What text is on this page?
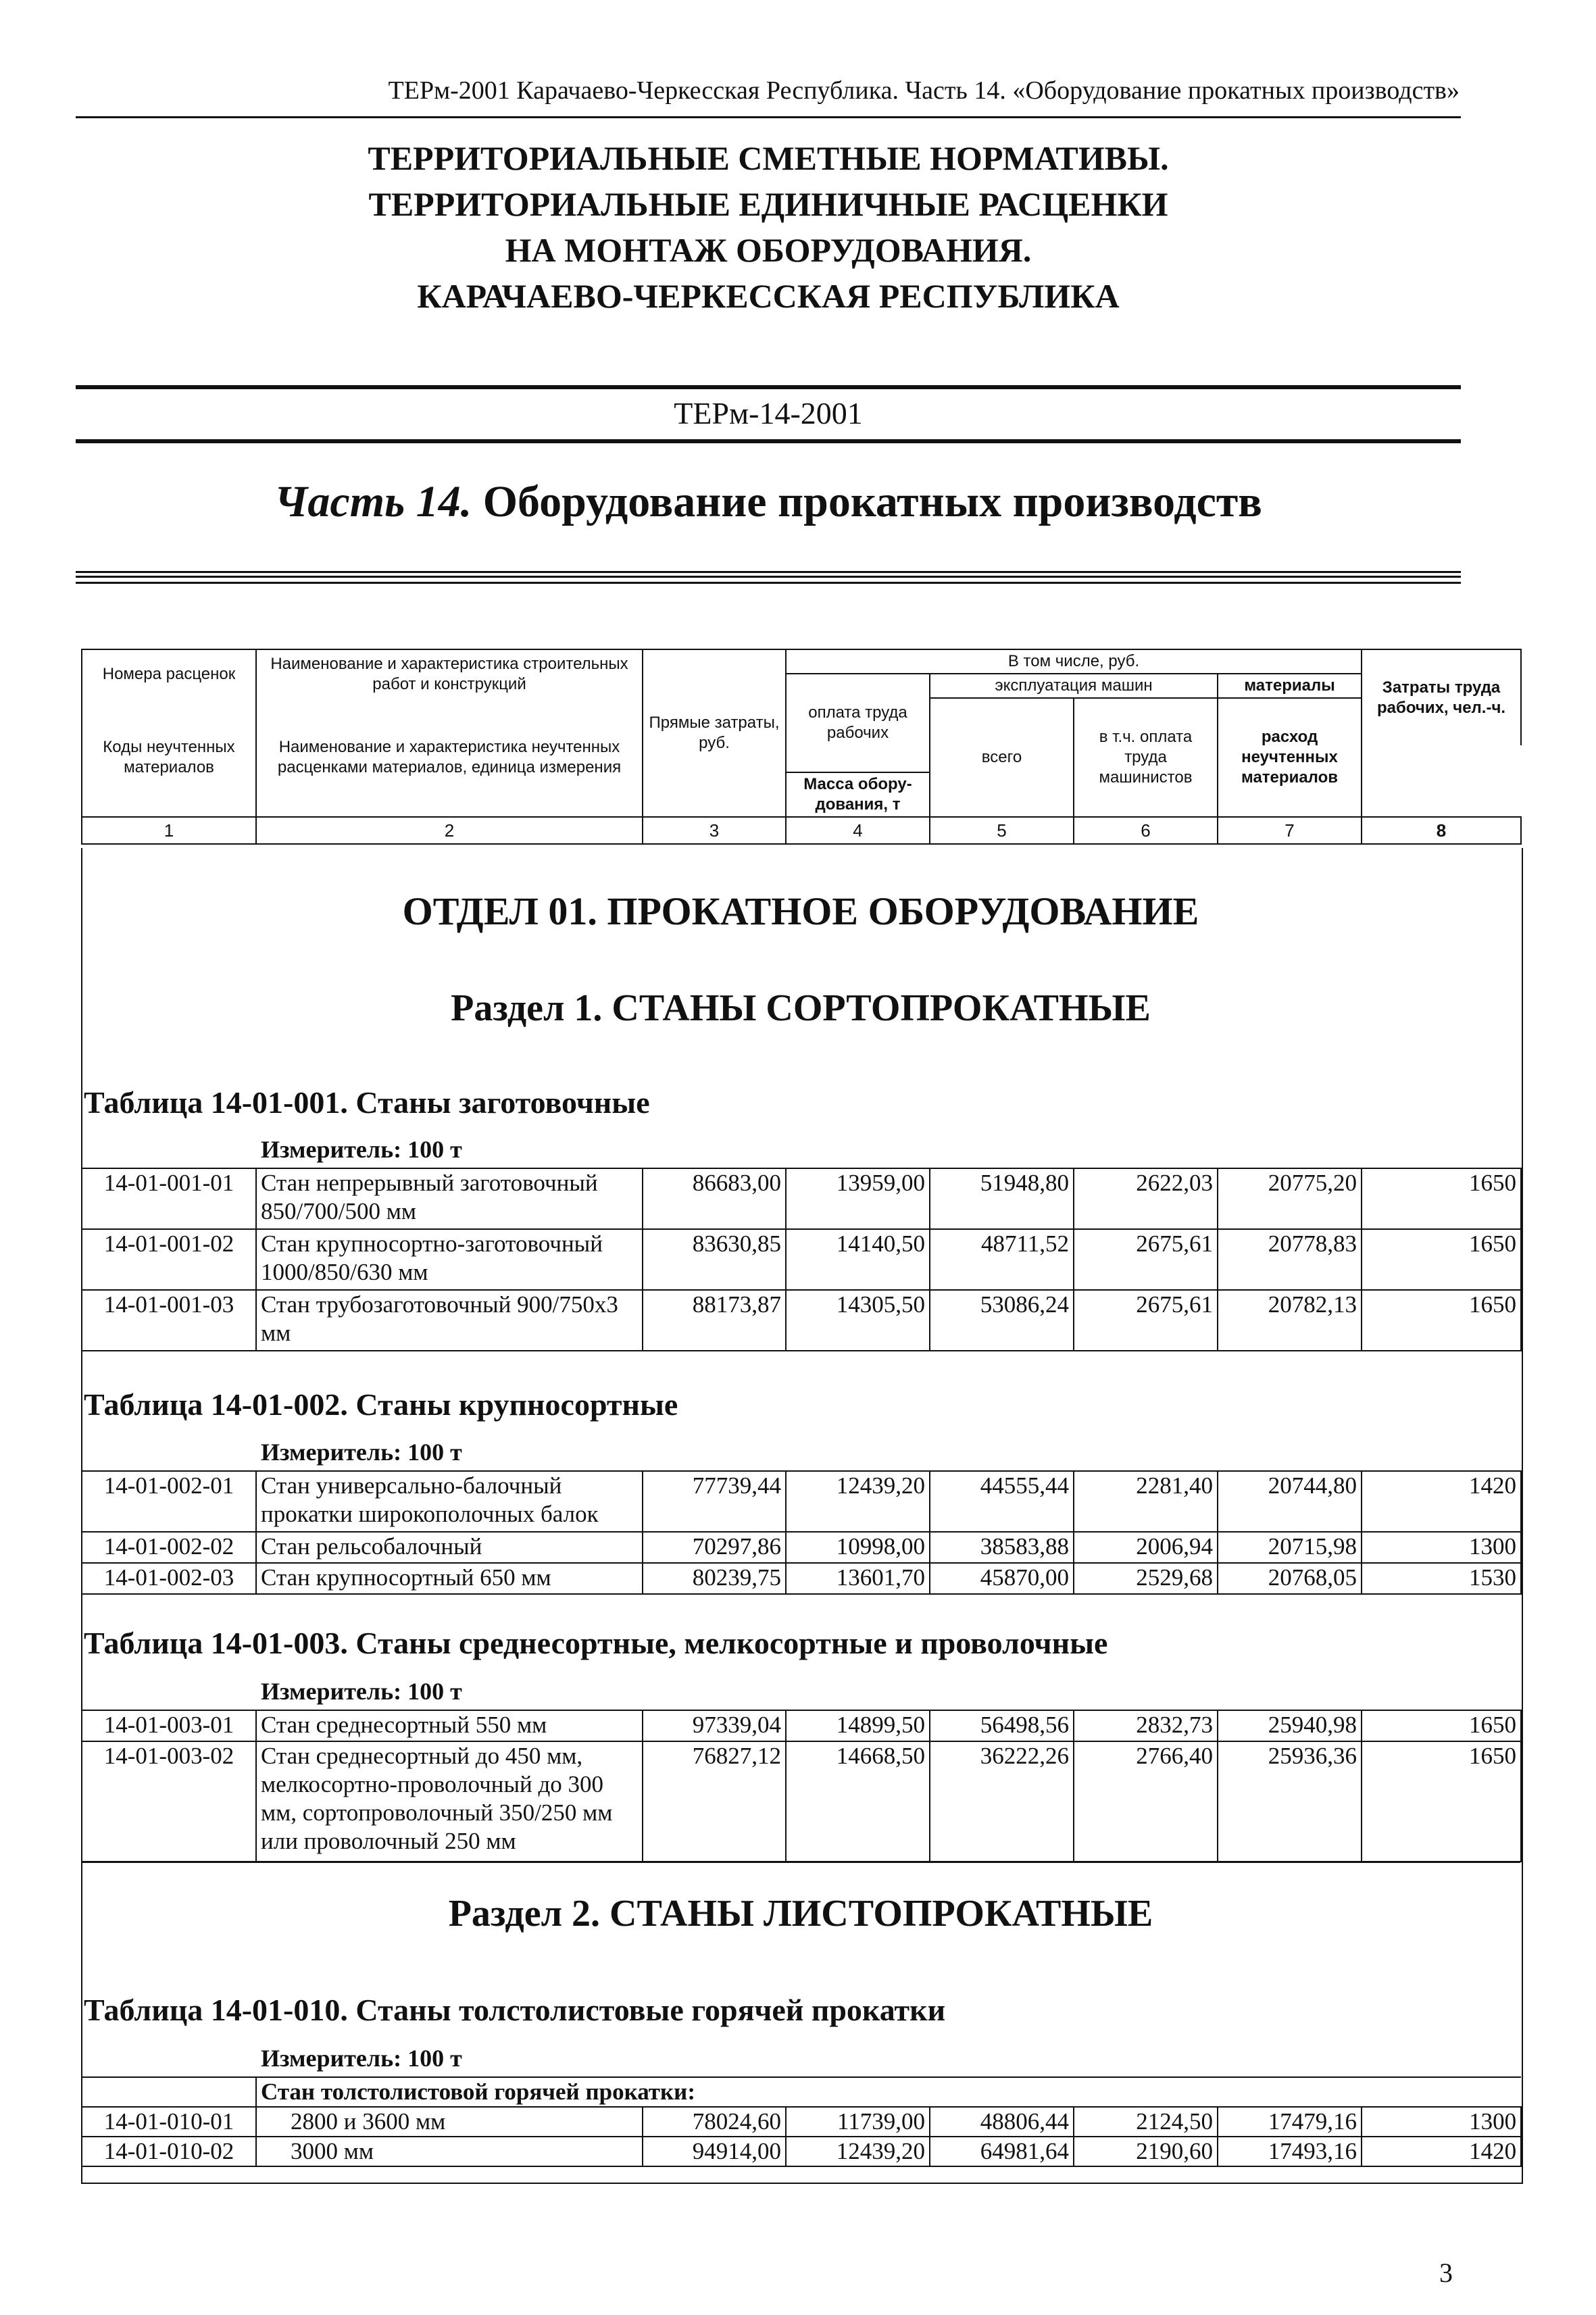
ТЕРм-2001 Карачаево-Черкесская Республика. Часть 14. «Оборудование прокатных производств»
ТЕРРИТОРИАЛЬНЫЕ СМЕТНЫЕ НОРМАТИВЫ.
ТЕРРИТОРИАЛЬНЫЕ ЕДИНИЧНЫЕ РАСЦЕНКИ
НА МОНТАЖ ОБОРУДОВАНИЯ.
КАРАЧАЕВО-ЧЕРКЕССКАЯ РЕСПУБЛИКА
ТЕРм-14-2001
Часть 14. Оборудование прокатных производств
Номера расценок	Наименование и характеристика строительных работ и конструкций	Прямые затраты, руб.	В том числе, руб.				Затраты труда рабочих, чел.-ч.
			оплата труда рабочих	эксплуатация машин		материалы	
Коды неучтенных материалов	Наименование и характеристика неучтенных расценками материалов, единица измерения			всего	в т.ч. оплата труда машинистов	расход неучтенных материалов	

			Масса обору-дования, т				
1	2	3	4	5	6	7	8
ОТДЕЛ 01. ПРОКАТНОЕ ОБОРУДОВАНИЕ
Раздел 1. СТАНЫ СОРТОПРОКАТНЫЕ
Таблица 14-01-001. Станы заготовочные
Измеритель: 100 т
14-01-001-01	Стан непрерывный заготовочный 850/700/500 мм	86683,00	13959,00	51948,80	2622,03	20775,20	1650
14-01-001-02	Стан крупносортно-заготовочный 1000/850/630 мм	83630,85	14140,50	48711,52	2675,61	20778,83	1650
14-01-001-03	Стан трубозаготовочный 900/750х3 мм	88173,87	14305,50	53086,24	2675,61	20782,13	1650
Таблица 14-01-002. Станы крупносортные
Измеритель: 100 т
14-01-002-01	Стан универсально-балочный прокатки широкополочных балок	77739,44	12439,20	44555,44	2281,40	20744,80	1420
14-01-002-02	Стан рельсобалочный	70297,86	10998,00	38583,88	2006,94	20715,98	1300
14-01-002-03	Стан крупносортный 650 мм	80239,75	13601,70	45870,00	2529,68	20768,05	1530
Таблица 14-01-003. Станы среднесортные, мелкосортные и проволочные
Измеритель: 100 т
14-01-003-01	Стан среднесортный 550 мм	97339,04	14899,50	56498,56	2832,73	25940,98	1650
14-01-003-02	Стан среднесортный до 450 мм, мелкосортно-проволочный до 300 мм, сортопроволочный 350/250 мм или проволочный 250 мм	76827,12	14668,50	36222,26	2766,40	25936,36	1650
Раздел 2. СТАНЫ ЛИСТОПРОКАТНЫЕ
Таблица 14-01-010. Станы толстолистовые горячей прокатки
Измеритель: 100 т
	Стан толстолистовой горячей прокатки:						
14-01-010-01	2800 и 3600 мм	78024,60	11739,00	48806,44	2124,50	17479,16	1300
14-01-010-02	3000 мм	94914,00	12439,20	64981,64	2190,60	17493,16	1420
3
